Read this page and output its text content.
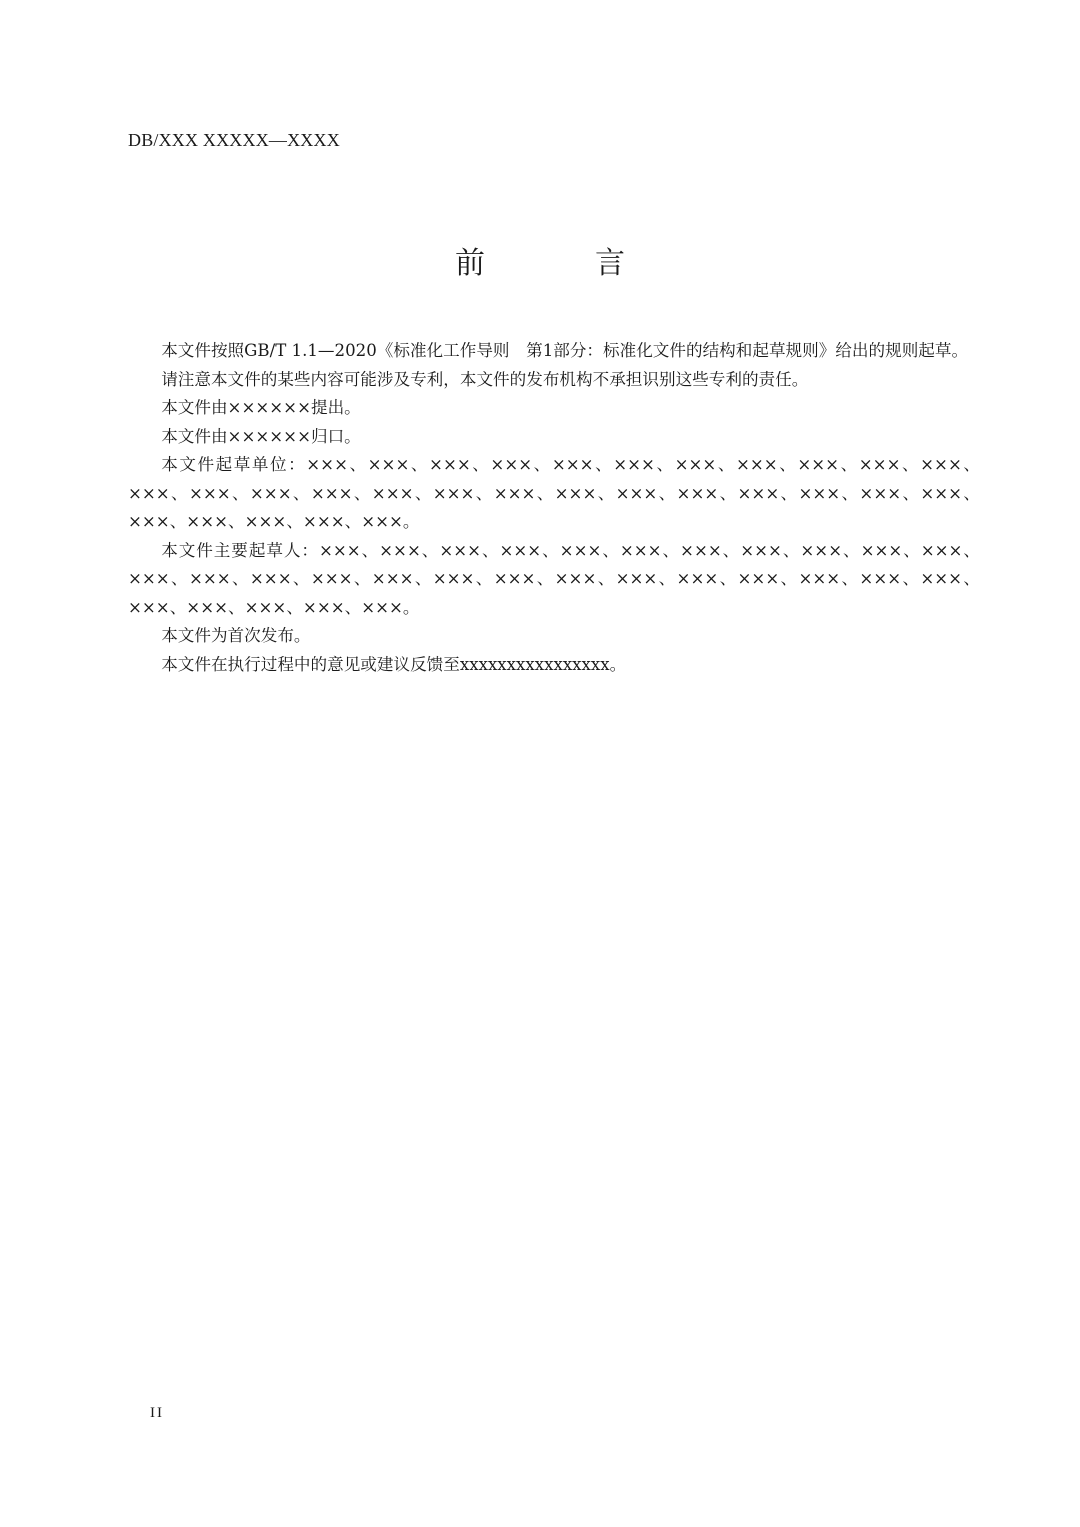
DB/XXX XXXXX—XXXX
前	言

本文件按照GB/T 1.1—2020《标准化工作导则　第1部分：标准化文件的结构和起草规则》给出的规则起草。

请注意本文件的某些内容可能涉及专利，本文件的发布机构不承担识别这些专利的责任。

本文件由××××××提出。

本文件由××××××归口。

本文件起草单位：×××、×××、×××、×××、×××、×××、×××、×××、×××、×××、×××、×××、×××、×××、×××、×××、×××、×××、×××、×××、×××、×××、×××、×××、×××、×××、×××、×××、×××、×××。

本文件主要起草人：×××、×××、×××、×××、×××、×××、×××、×××、×××、×××、×××、×××、×××、×××、×××、×××、×××、×××、×××、×××、×××、×××、×××、×××、×××、×××、×××、×××、×××、×××。

本文件为首次发布。

本文件在执行过程中的意见或建议反馈至xxxxxxxxxxxxxxxx。

II
